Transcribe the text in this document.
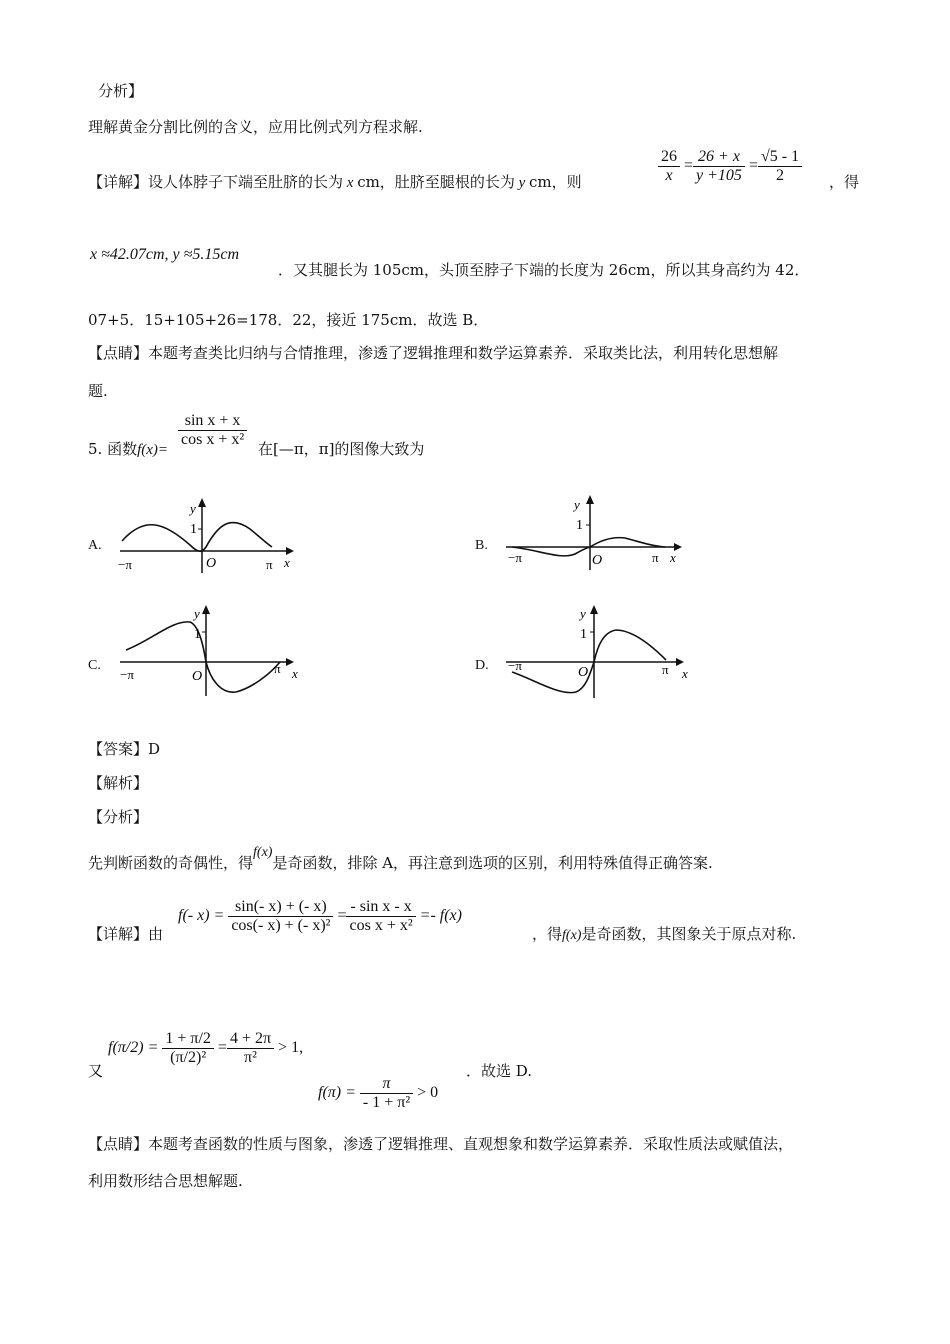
分析】
理解黄金分割比例的含义，应用比例式列方程求解.
【详解】设人体脖子下端至肚脐的长为 x cm，肚脐至腿根的长为 y cm，则	$\frac{26}{x} = \frac{26 + x}{y +105} = \frac{√5 - 1}{2}$ ，得
x ≈42.07cm, y ≈5.15cm
．又其腿长为 105cm，头顶至脖子下端的长度为 26cm，所以其身高约为 42．
07+5．15+105+26=178．22，接近 175cm．故选 B．
【点睛】本题考查类比归纳与合情推理，渗透了逻辑推理和数学运算素养．采取类比法，利用转化思想解
题.
5. 函数f(x)=
$\frac{\text{sin x + x}}{\text{cos x + x²}}$ 在[—π，π]的图像大致为
A.	B.
C.	D.
y
1
O
−π	π x
y
1
O
−π	π x
y
1
O
−π	π x
y
1
O
−π	π x
【答案】D
【解析】
【分析】
先判断函数的奇偶性，得f(x)是奇函数，排除 A，再注意到选项的区别，利用特殊值得正确答案.
【详解】由
f(- $x) = \frac{\sin(- x) + (- x)}{\text{cos(- x) + (- x)²}} = \frac{\text{- sin x - x}}{\text{cos x + x²}} =- f(x)$
，得f(x)是奇函数，其图象关于原点对称.
又
$f(\pi/2) = \frac{1 + \pi/2}{\text{(π/2)²}} = \frac{4 + 2\pi}{\text{π²}} > 1$,
$f(\pi) = \frac{\pi}{\text{- 1 + π²}} > 0$
．故选 D.
【点睛】本题考查函数的性质与图象，渗透了逻辑推理、直观想象和数学运算素养．采取性质法或赋值法，
利用数形结合思想解题.
